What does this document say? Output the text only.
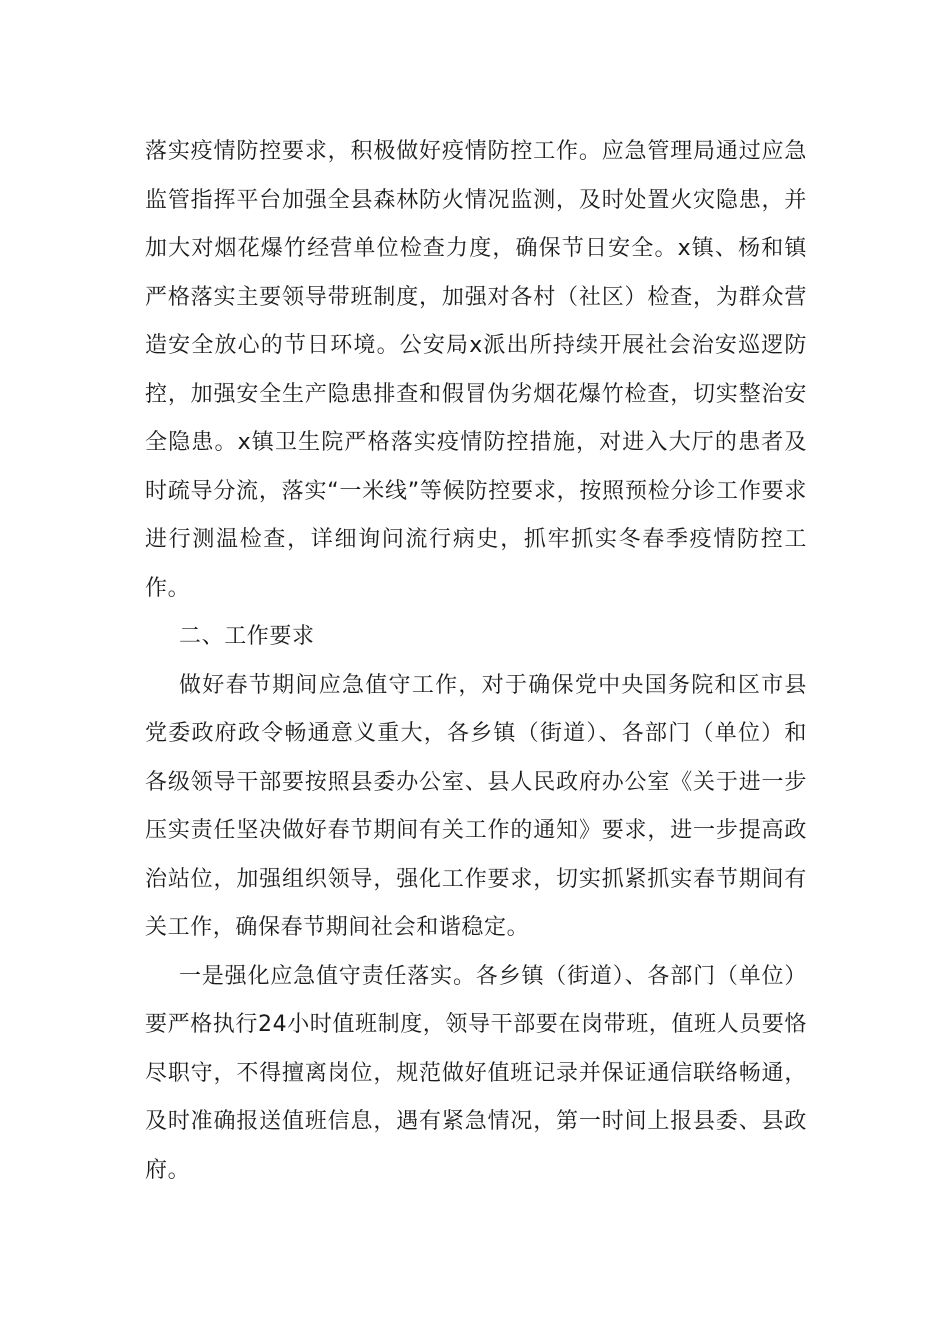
落实疫情防控要求，积极做好疫情防控工作。应急管理局通过应急监管指挥平台加强全县森林防火情况监测，及时处置火灾隐患，并加大对烟花爆竹经营单位检查力度，确保节日安全。x镇、杨和镇严格落实主要领导带班制度，加强对各村（社区）检查，为群众营造安全放心的节日环境。公安局x派出所持续开展社会治安巡逻防控，加强安全生产隐患排查和假冒伪劣烟花爆竹检查，切实整治安全隐患。x镇卫生院严格落实疫情防控措施，对进入大厅的患者及时疏导分流，落实“一米线”等候防控要求，按照预检分诊工作要求进行测温检查，详细询问流行病史，抓牢抓实冬春季疫情防控工作。

二、工作要求

做好春节期间应急值守工作，对于确保党中央国务院和区市县党委政府政令畅通意义重大，各乡镇（街道）、各部门（单位）和各级领导干部要按照县委办公室、县人民政府办公室《关于进一步压实责任坚决做好春节期间有关工作的通知》要求，进一步提高政治站位，加强组织领导，强化工作要求，切实抓紧抓实春节期间有关工作，确保春节期间社会和谐稳定。

一是强化应急值守责任落实。各乡镇（街道）、各部门（单位）要严格执行24小时值班制度，领导干部要在岗带班，值班人员要恪尽职守，不得擅离岗位，规范做好值班记录并保证通信联络畅通，及时准确报送值班信息，遇有紧急情况，第一时间上报县委、县政府。
